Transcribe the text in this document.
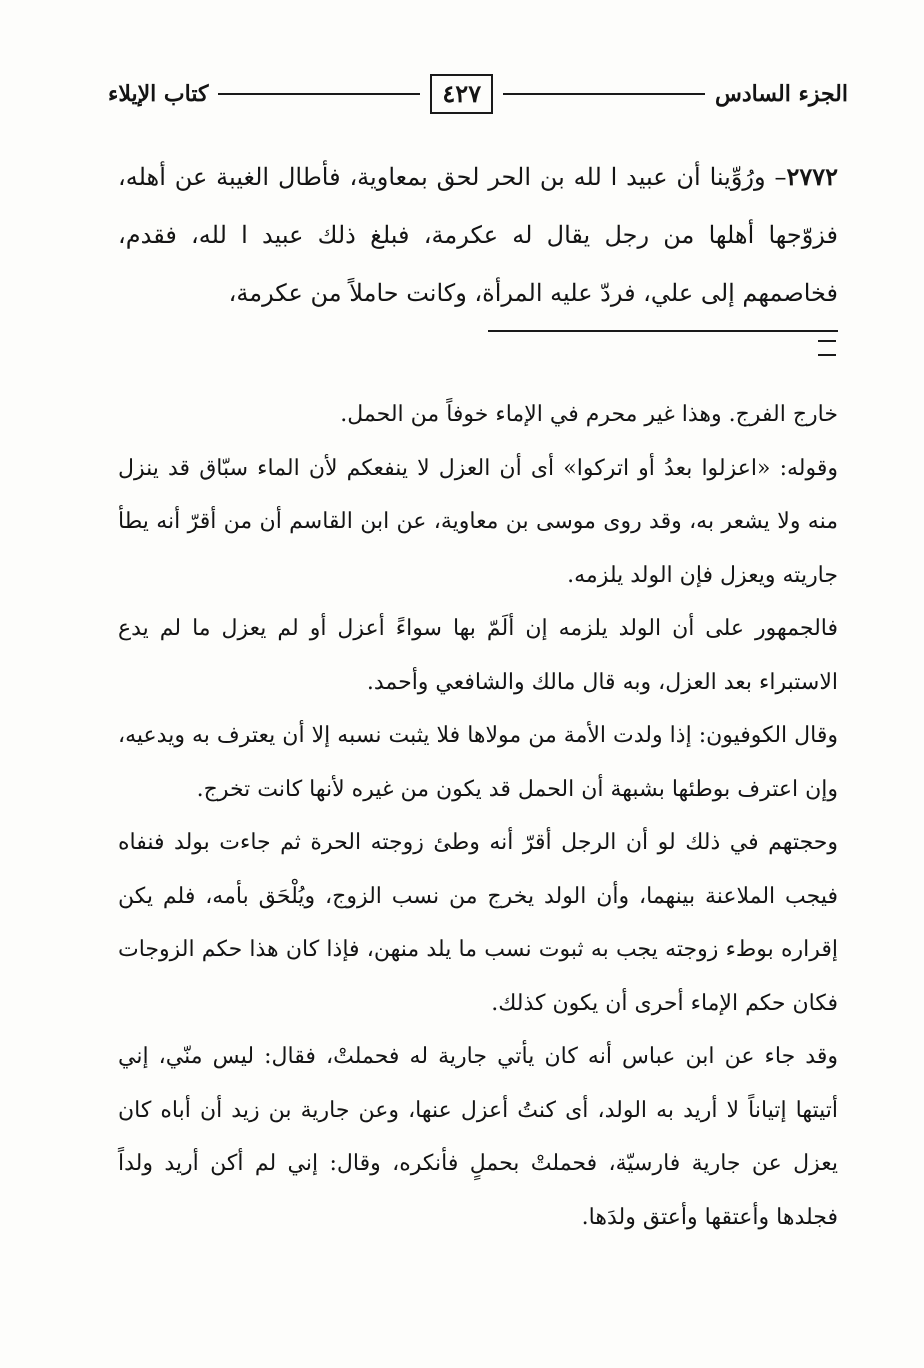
الجزء السادس
٤٢٧
كتاب الإيلاء
٢٧٧٢– ورُوِّينا أن عبيد ا لله بن الحر لحق بمعاوية، فأطال الغيبة عن أهله، فزوّجها أهلها من رجل يقال له عكرمة، فبلغ ذلك عبيد ا لله، فقدم، فخاصمهم إلى علي، فردّ عليه المرأة، وكانت حاملاً من عكرمة،

خارج الفرج. وهذا غير محرم في الإماء خوفاً من الحمل.

وقوله: «اعزلوا بعدُ أو اتركوا» أى أن العزل لا ينفعكم لأن الماء سبّاق قد ينزل منه ولا يشعر به، وقد روى موسى بن معاوية، عن ابن القاسم أن من أقرّ أنه يطأ جاريته ويعزل فإن الولد يلزمه.

فالجمهور على أن الولد يلزمه إن ألَمّ بها سواءً أعزل أو لم يعزل ما لم يدع الاستبراء بعد العزل، وبه قال مالك والشافعي وأحمد.

وقال الكوفيون: إذا ولدت الأمة من مولاها فلا يثبت نسبه إلا أن يعترف به ويدعيه، وإن اعترف بوطئها بشبهة أن الحمل قد يكون من غيره لأنها كانت تخرج.

وحجتهم في ذلك لو أن الرجل أقرّ أنه وطئ زوجته الحرة ثم جاءت بولد فنفاه فيجب الملاعنة بينهما، وأن الولد يخرج من نسب الزوج، ويُلْحَق بأمه، فلم يكن إقراره بوطء زوجته يجب به ثبوت نسب ما يلد منهن، فإذا كان هذا حكم الزوجات فكان حكم الإماء أحرى أن يكون كذلك.

وقد جاء عن ابن عباس أنه كان يأتي جارية له فحملتْ، فقال: ليس منّي، إني أتيتها إتياناً لا أريد به الولد، أى كنتُ أعزل عنها، وعن جارية بن زيد أن أباه كان يعزل عن جارية فارسيّة، فحملتْ بحملٍ فأنكره، وقال: إني لم أكن أريد ولداً فجلدها وأعتقها وأعتق ولدَها.
